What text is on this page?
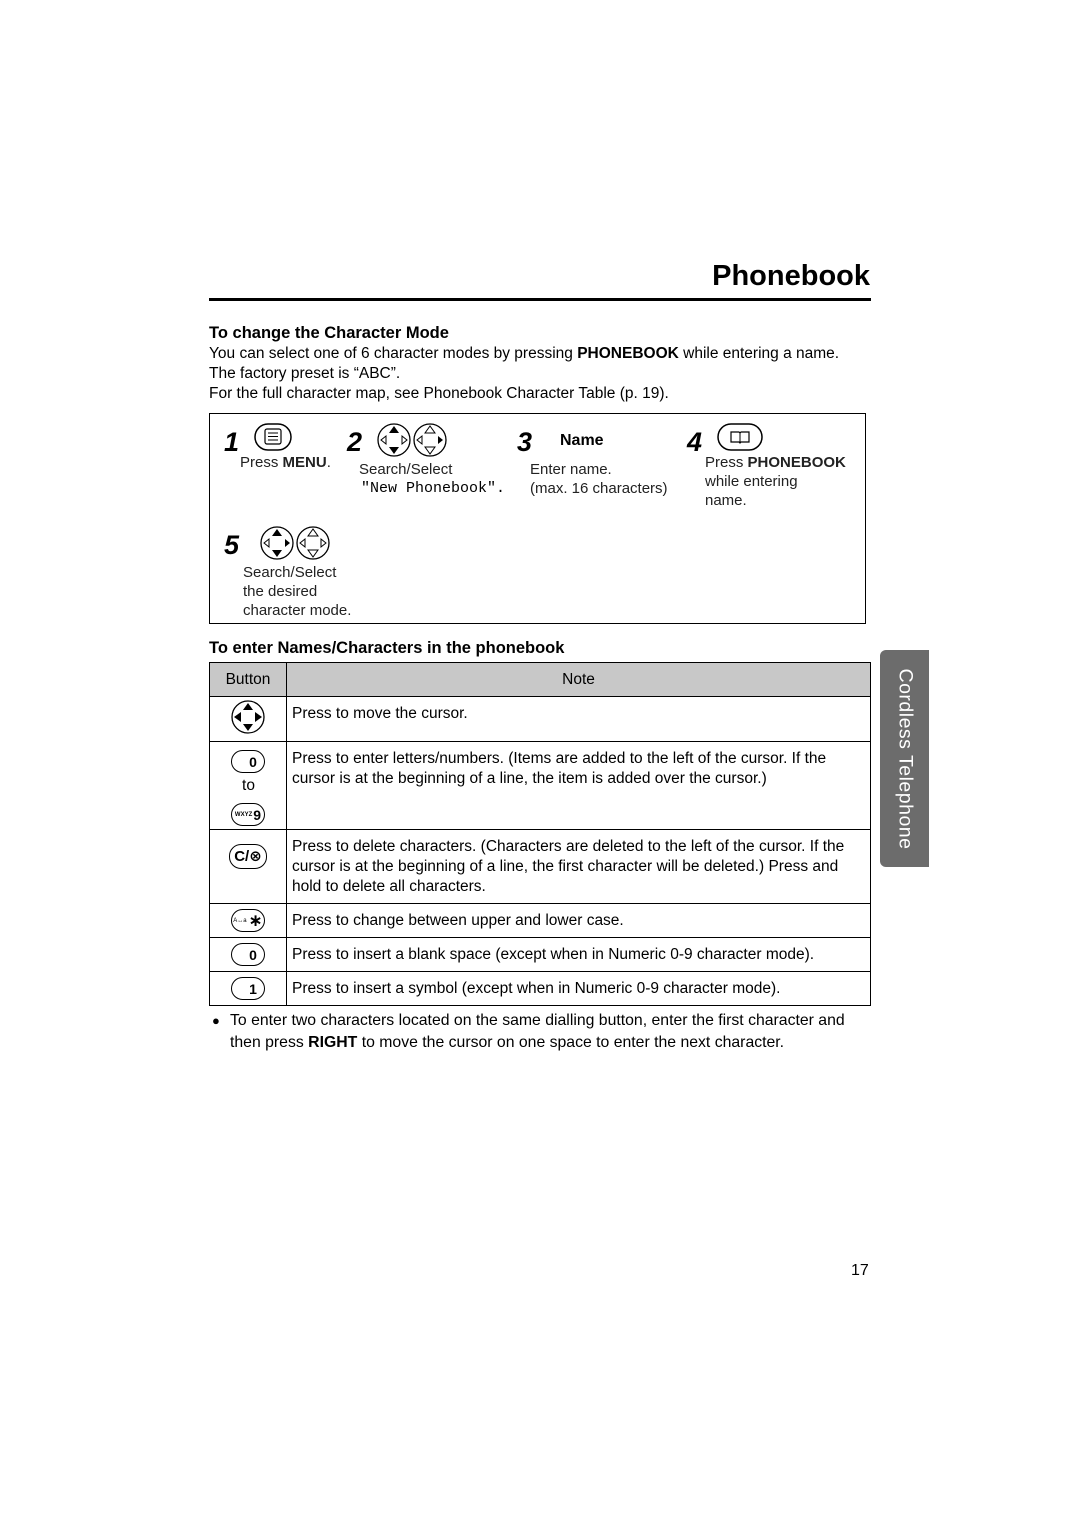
Phonebook
To change the Character Mode

You can select one of 6 character modes by pressing PHONEBOOK while entering a name. The factory preset is “ABC”.

For the full character map, see Phonebook Character Table (p. 19).

1
Press MENU.
2
Search/Select
"New Phonebook".
3 Name
Enter name.
(max. 16 characters)
4
Press PHONEBOOK
while entering
name.
5
Search/Select
the desired
character mode.
To enter Names/Characters in the phonebook
Button	Note
	Press to move the cursor.

0
to
WXYZ 9	Press to enter letters/numbers. (Items are added to the left of the cursor. If the cursor is at the beginning of a line, the item is added over the cursor.)

C/⊗	Press to delete characters. (Characters are deleted to the left of the cursor. If the cursor is at the beginning of a line, the first character will be deleted.) Press and hold to delete all characters.

A↔a ∗	Press to change between upper and lower case.

0	Press to insert a blank space (except when in Numeric 0-9 character mode).

1	Press to insert a symbol (except when in Numeric 0-9 character mode).
Cordless Telephone
● To enter two characters located on the same dialling button, enter the first character and then press RIGHT to move the cursor on one space to enter the next character.

17
